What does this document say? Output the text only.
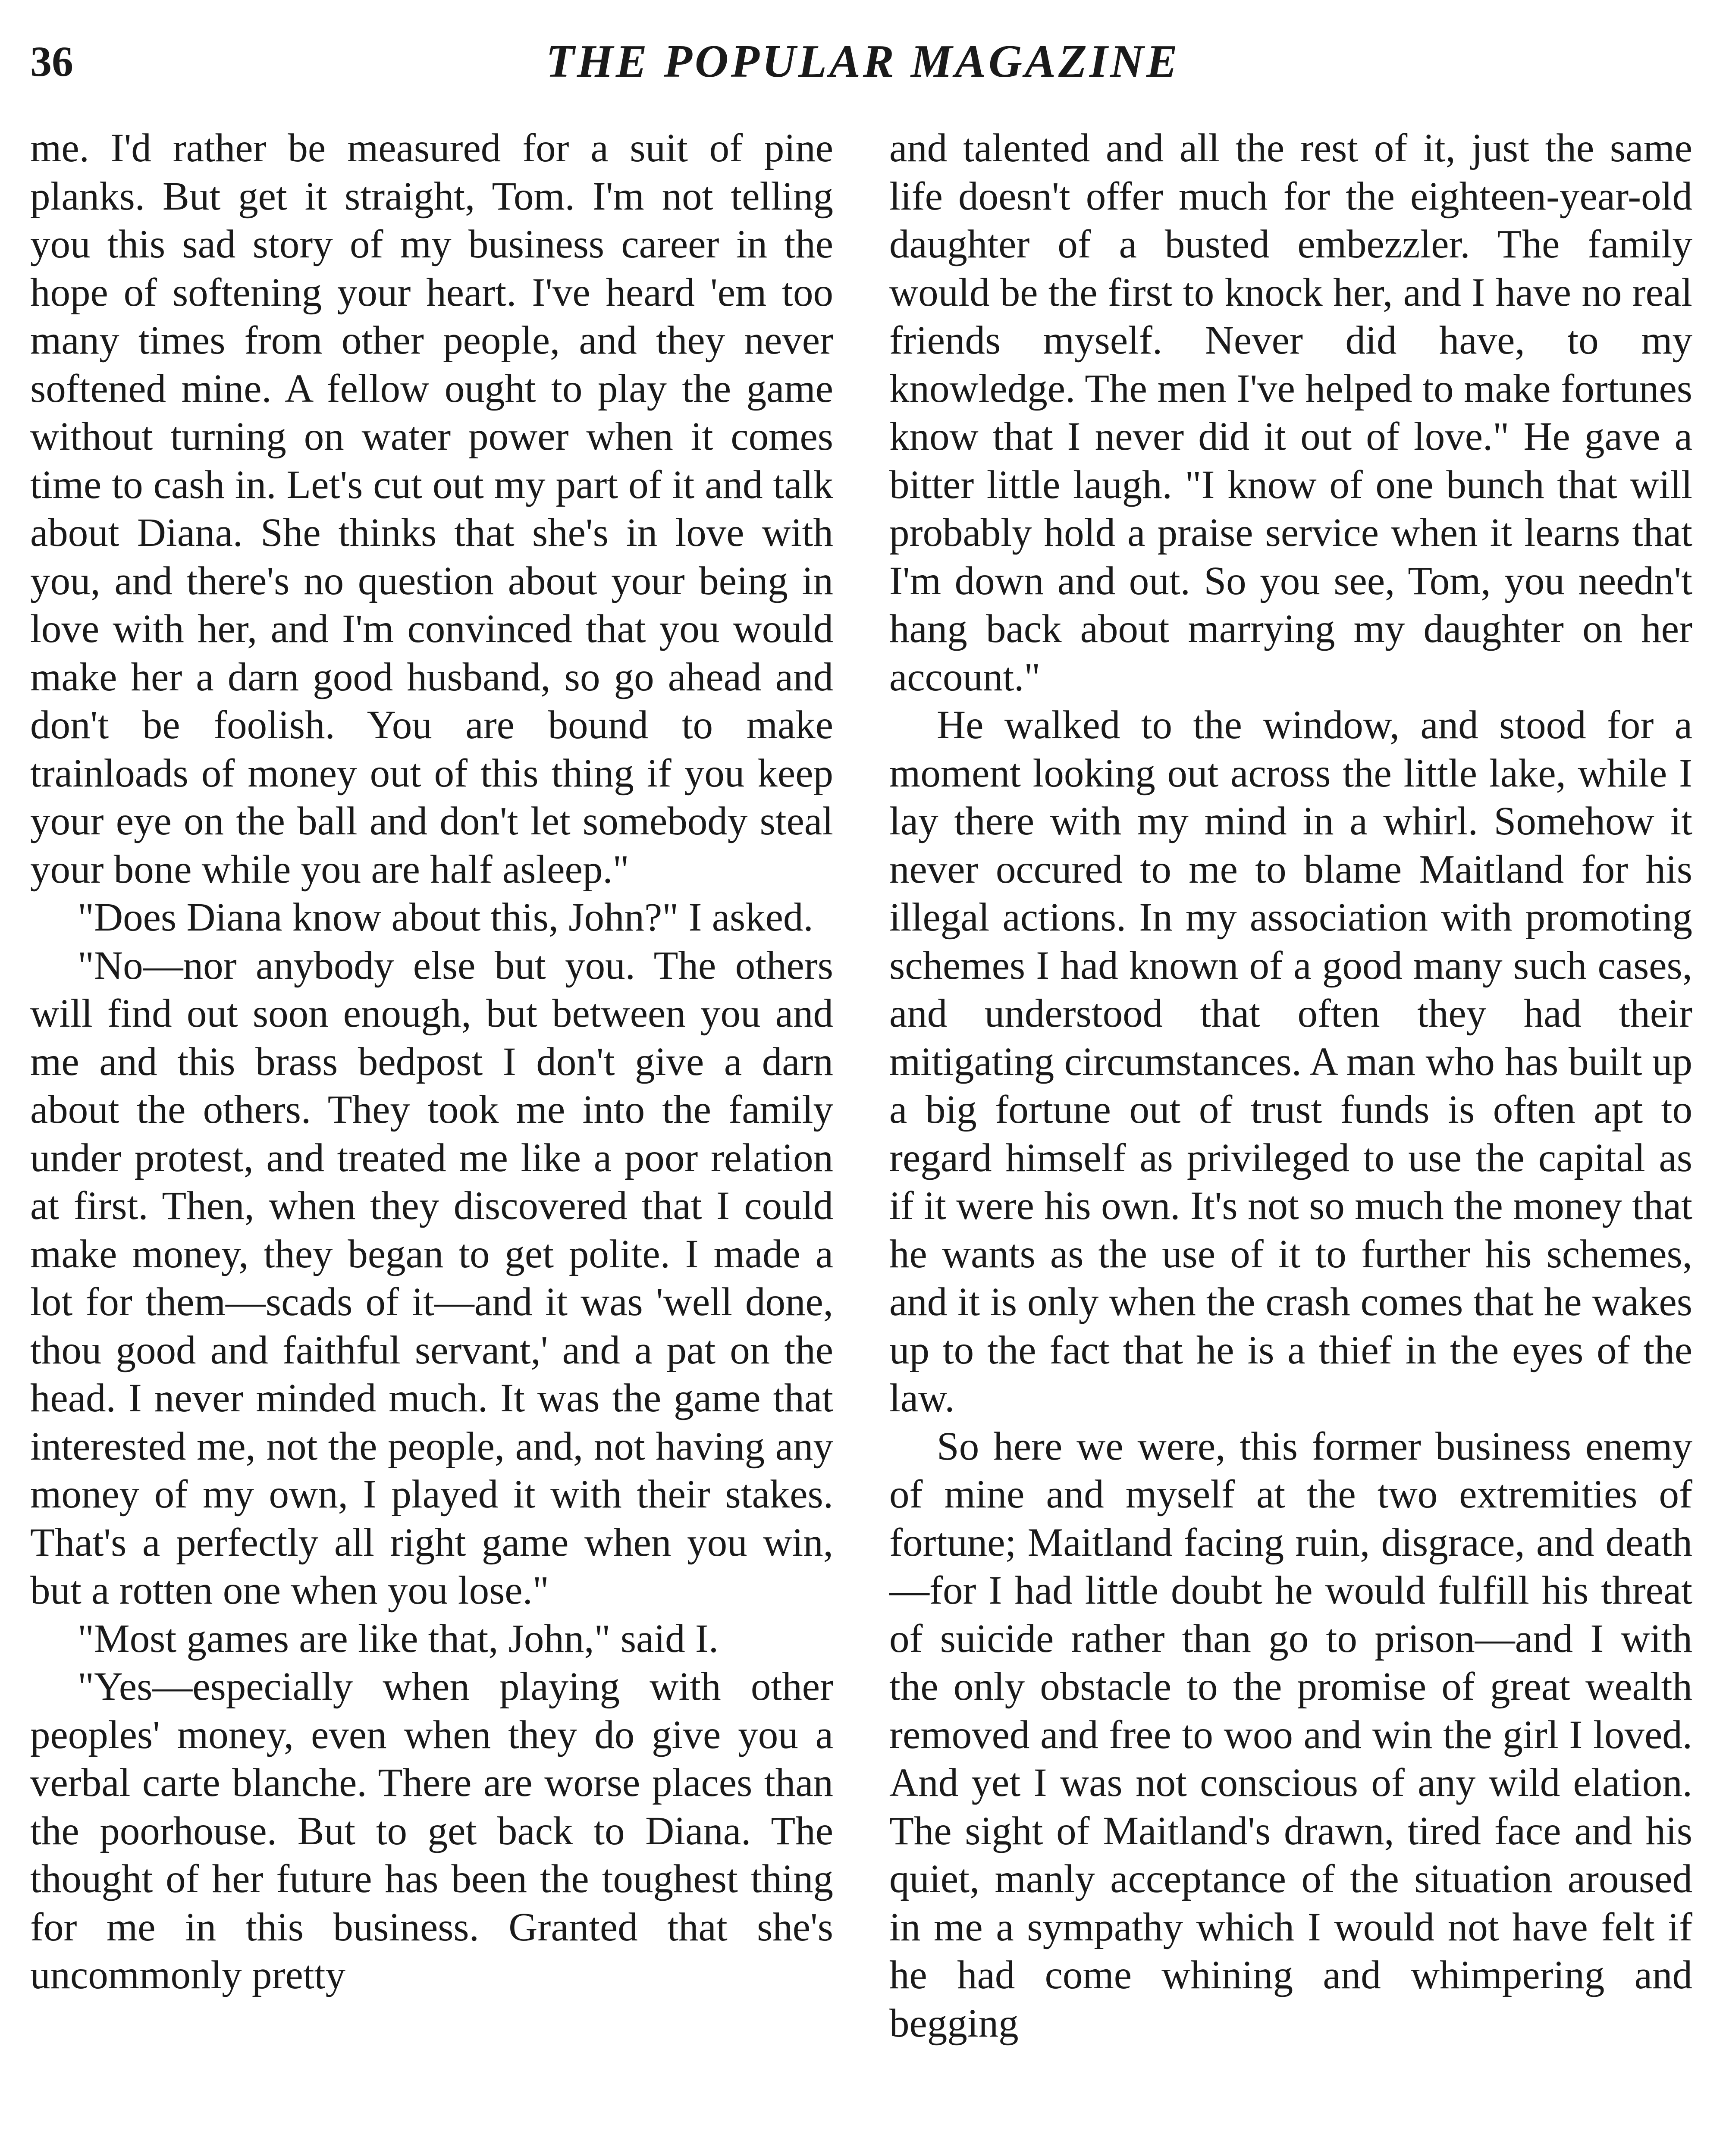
36	THE POPULAR MAGAZINE

me. I'd rather be measured for a suit of pine planks. But get it straight, Tom. I'm not telling you this sad story of my business career in the hope of softening your heart. I've heard 'em too many times from other people, and they never softened mine. A fellow ought to play the game without turning on water power when it comes time to cash in. Let's cut out my part of it and talk about Diana. She thinks that she's in love with you, and there's no question about your being in love with her, and I'm convinced that you would make her a darn good husband, so go ahead and don't be foolish. You are bound to make trainloads of money out of this thing if you keep your eye on the ball and don't let somebody steal your bone while you are half asleep."

"Does Diana know about this, John?" I asked.

"No—nor anybody else but you. The others will find out soon enough, but between you and me and this brass bedpost I don't give a darn about the others. They took me into the family under protest, and treated me like a poor relation at first. Then, when they discovered that I could make money, they began to get polite. I made a lot for them—scads of it—and it was 'well done, thou good and faithful servant,' and a pat on the head. I never minded much. It was the game that interested me, not the people, and, not having any money of my own, I played it with their stakes. That's a perfectly all right game when you win, but a rotten one when you lose."

"Most games are like that, John," said I.

"Yes—especially when playing with other peoples' money, even when they do give you a verbal carte blanche. There are worse places than the poorhouse. But to get back to Diana. The thought of her future has been the toughest thing for me in this business. Granted that she's uncommonly pretty

and talented and all the rest of it, just the same life doesn't offer much for the eighteen-year-old daughter of a busted embezzler. The family would be the first to knock her, and I have no real friends myself. Never did have, to my knowledge. The men I've helped to make fortunes know that I never did it out of love." He gave a bitter little laugh. "I know of one bunch that will probably hold a praise service when it learns that I'm down and out. So you see, Tom, you needn't hang back about marrying my daughter on her account."

He walked to the window, and stood for a moment looking out across the little lake, while I lay there with my mind in a whirl. Somehow it never occured to me to blame Maitland for his illegal actions. In my association with promoting schemes I had known of a good many such cases, and understood that often they had their mitigating circumstances. A man who has built up a big fortune out of trust funds is often apt to regard himself as privileged to use the capital as if it were his own. It's not so much the money that he wants as the use of it to further his schemes, and it is only when the crash comes that he wakes up to the fact that he is a thief in the eyes of the law.

So here we were, this former business enemy of mine and myself at the two extremities of fortune; Maitland facing ruin, disgrace, and death—for I had little doubt he would fulfill his threat of suicide rather than go to prison—and I with the only obstacle to the promise of great wealth removed and free to woo and win the girl I loved. And yet I was not conscious of any wild elation. The sight of Maitland's drawn, tired face and his quiet, manly acceptance of the situation aroused in me a sympathy which I would not have felt if he had come whining and whimpering and begging
